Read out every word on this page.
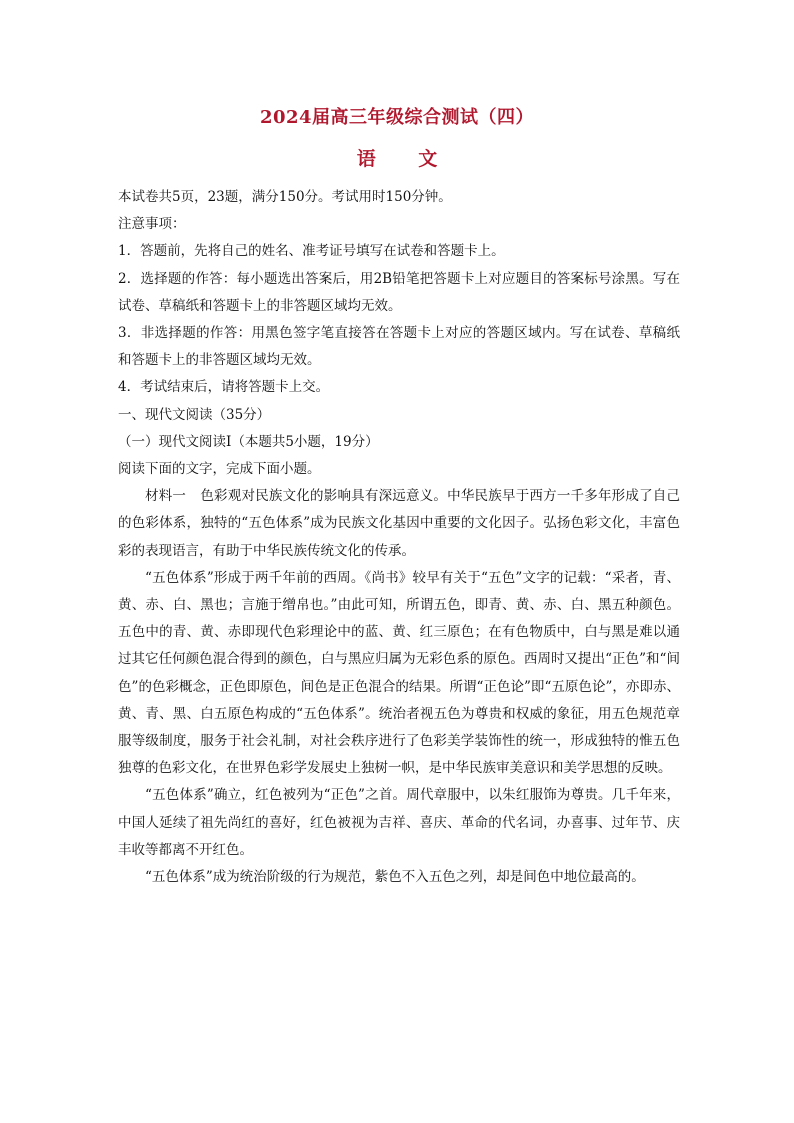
2024届高三年级综合测试（四）
语 文

本试卷共5页，23题，满分150分。考试用时150分钟。

注意事项：

1．答题前，先将自己的姓名、准考证号填写在试卷和答题卡上。

2．选择题的作答：每小题选出答案后，用2B铅笔把答题卡上对应题目的答案标号涂黑。写在试卷、草稿纸和答题卡上的非答题区域均无效。

3．非选择题的作答：用黑色签字笔直接答在答题卡上对应的答题区域内。写在试卷、草稿纸和答题卡上的非答题区域均无效。

4．考试结束后，请将答题卡上交。

一、现代文阅读（35分）

（一）现代文阅读Ⅰ（本题共5小题，19分）

阅读下面的文字，完成下面小题。

材料一 色彩观对民族文化的影响具有深远意义。中华民族早于西方一千多年形成了自己的色彩体系，独特的“五色体系”成为民族文化基因中重要的文化因子。弘扬色彩文化，丰富色彩的表现语言，有助于中华民族传统文化的传承。

“五色体系”形成于两千年前的西周。《尚书》较早有关于“五色”文字的记载：“采者，青、黄、赤、白、黑也；言施于缯帛也。”由此可知，所谓五色，即青、黄、赤、白、黑五种颜色。五色中的青、黄、赤即现代色彩理论中的蓝、黄、红三原色；在有色物质中，白与黑是难以通过其它任何颜色混合得到的颜色，白与黑应归属为无彩色系的原色。西周时又提出“正色”和“间色”的色彩概念，正色即原色，间色是正色混合的结果。所谓“正色论”即“五原色论”，亦即赤、黄、青、黑、白五原色构成的“五色体系”。统治者视五色为尊贵和权威的象征，用五色规范章服等级制度，服务于社会礼制，对社会秩序进行了色彩美学装饰性的统一，形成独特的惟五色独尊的色彩文化，在世界色彩学发展史上独树一帜，是中华民族审美意识和美学思想的反映。

“五色体系”确立，红色被列为“正色”之首。周代章服中，以朱红服饰为尊贵。几千年来，中国人延续了祖先尚红的喜好，红色被视为吉祥、喜庆、革命的代名词，办喜事、过年节、庆丰收等都离不开红色。

“五色体系”成为统治阶级的行为规范，紫色不入五色之列，却是间色中地位最高的。
